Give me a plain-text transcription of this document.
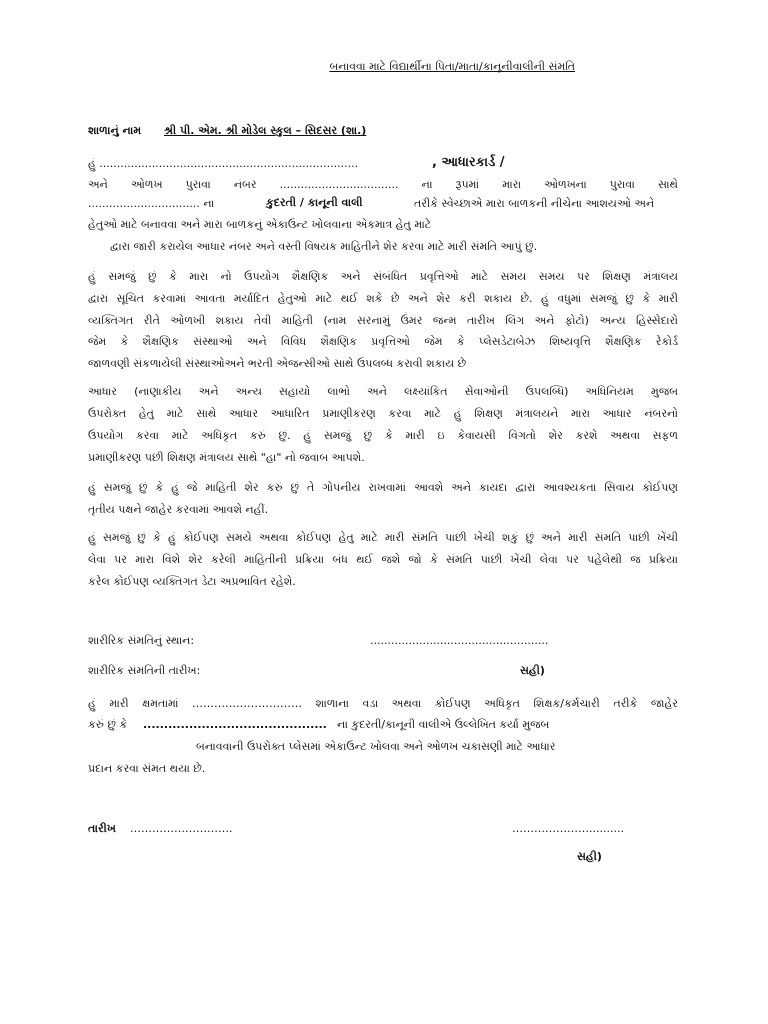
બનાવવા માટે વિદ્યાર્થીના પિતા/માતા/કાનૂનીવાલીની સંમતિ
શાળાનું નામ શ્રી પી. એમ. શ્રી મોડેલ સ્કુલ – સિદસર (શા.)
હું ..........................................................................	, આધારકાર્ડ /
અને ઓળખ પુરાવા નંબર .................................. ના રૂપમાં મારા ઓળખના પુરાવા સાથે
................................ ના	કુદરતી / કાનૂની વાલી	તરીકે સ્વેચ્છાએ મારા બાળકની નીચેના આશયઓ અને
હેતુઓ માટે બનાવવા અને મારા બાળકનું એકાઉન્ટ ખોલવાના એકમાત્ર હેતુ માટે
દ્વારા જારી કરાયેલ આધાર નંબર અને વસ્તી વિષયક માહિતીને શેર કરવા માટે મારી સંમતિ આપું છું.
હું સમજું છું કે મારા નો ઉપયોગ શૈક્ષણિક અને સંબંધિત પ્રવૃત્તિઓ માટે સમય સમય પર શિક્ષણ મંત્રાલય
દ્વારા સૂચિત કરવામાં આવતા મર્યાદિત હેતુઓ માટે થઈ શકે છે અને શેર કરી શકાય છે. હું વધુમાં સમજું છું કે મારી
વ્યક્તિગત રીતે ઓળખી શકાય તેવી માહિતી (નામ સરનામું ઉંમર જન્મ તારીખ લિંગ અને ફોટો) અન્ય હિસ્સેદારો
જેમ કે શૈક્ષણિક સંસ્થાઓ અને વિવિધ શૈક્ષણિક પ્રવૃત્તિઓ જેમ કે પ્લેસડેટાબેઝ શિષ્યવૃત્તિ શૈક્ષણિક રેકોર્ડ
જાળવણી સંકળાયેલી સંસ્થાઓઅને ભરતી એજન્સીઓ સાથે ઉપલબ્ધ કરાવી શકાય છે
આધાર (નાણાકીય અને અન્ય સહાયો લાભો અને લક્ષ્યાંકિત સેવાઓની ઉપલબ્ધિ) અધિનિયમ મુજબ
ઉપરોક્ત હેતુ માટે સાથે આધાર આધારિત પ્રમાણીકરણ કરવા માટે હું શિક્ષણ મંત્રાલયને મારા આધાર નંબરનો
ઉપયોગ કરવા માટે અધિકૃત કરું છું. હું સમજું છું કે મારી ઇ કેવાયસી વિગતો શેર કરશે અથવા સફળ
પ્રમાણીકરણ પછી શિક્ષણ મંત્રાલય સાથે "હા" નો જવાબ આપશે.
હું સમજું છું કે હું જે માહિતી શેર કરું છું તે ગોપનીય રાખવામાં આવશે અને કાયદા દ્વારા આવશ્યકતા સિવાય કોઈપણ
તૃતીય પક્ષને જાહેર કરવામાં આવશે નહીં.
હું સમજું છું કે હું કોઈપણ સમયે અથવા કોઈપણ હેતુ માટે મારી સંમતિ પાછી ખેંચી શકું છું અને મારી સંમતિ પાછી ખેંચી
લેવા પર મારા વિશે શેર કરેલી માહિતીની પ્રક્રિયા બંધ થઈ જશે જો કે સંમતિ પાછી ખેંચી લેવા પર પહેલેથી જ પ્રક્રિયા
કરેલ કોઈપણ વ્યક્તિગત ડેટા અપ્રભાવિત રહેશે.
શારીરિક સંમતિનું સ્થાન:	...................................................
શારીરિક સંમતિની તારીખ:	સહી)
હું મારી ક્ષમતામાં ………………………… શાળાના વડા અથવા કોઈપણ અધિકૃત શિક્ષક/કર્મચારી તરીકે જાહેર
કરું છું કે ............................................ ના કુદરતી/કાનૂની વાલીએ ઉલ્લેખિત કર્યા મુજબ
બનાવવાની ઉપરોક્ત પ્લેસમાં એકાઉન્ટ ખોલવા અને ઓળખ ચકાસણી માટે આધાર
પ્રદાન કરવા સંમત થયા છે.
તારીખ ……………………….	…………………..........
સહી)
